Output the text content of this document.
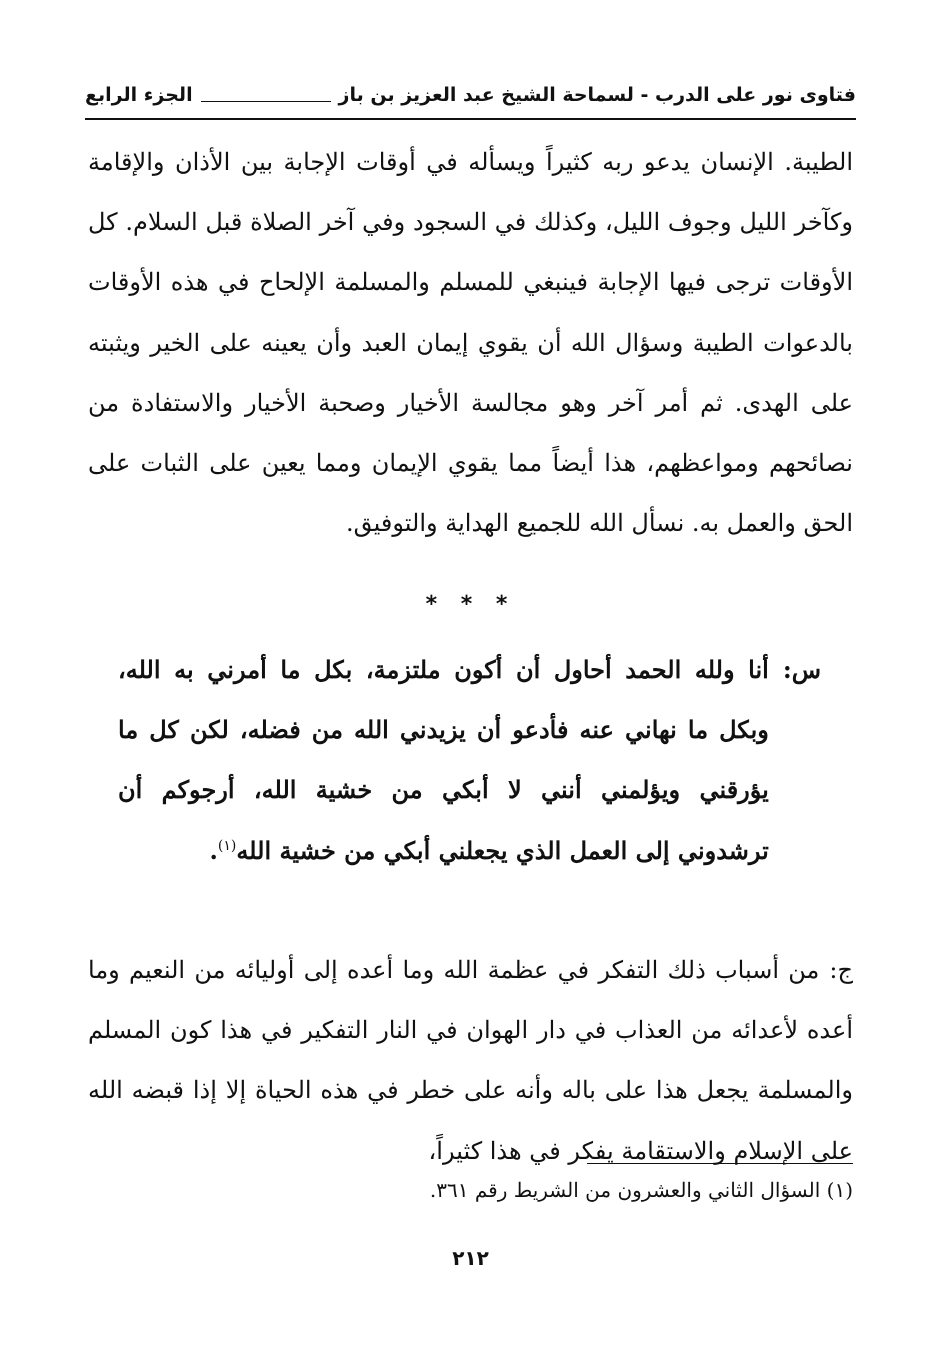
فتاوى نور على الدرب - لسماحة الشيخ عبد العزيز بن باز
الجزء الرابع

الطيبة. الإنسان يدعو ربه كثيراً ويسأله في أوقات الإجابة بين الأذان والإقامة وكآخر الليل وجوف الليل، وكذلك في السجود وفي آخر الصلاة قبل السلام. كل الأوقات ترجى فيها الإجابة فينبغي للمسلم والمسلمة الإلحاح في هذه الأوقات بالدعوات الطيبة وسؤال الله أن يقوي إيمان العبد وأن يعينه على الخير ويثبته على الهدى. ثم أمر آخر وهو مجالسة الأخيار وصحبة الأخيار والاستفادة من نصائحهم ومواعظهم، هذا أيضاً مما يقوي الإيمان ومما يعين على الثبات على الحق والعمل به. نسأل الله للجميع الهداية والتوفيق.

* * *
س:
أنا ولله الحمد أحاول أن أكون ملتزمة، بكل ما أمرني به الله، وبكل ما نهاني عنه فأدعو أن يزيدني الله من فضله، لكن كل ما يؤرقني ويؤلمني أنني لا أبكي من خشية الله، أرجوكم أن ترشدوني إلى العمل الذي يجعلني أبكي من خشية الله$^{(١)}$.
ج:من أسباب ذلك التفكر في عظمة الله وما أعده إلى أوليائه من النعيم وما أعده لأعدائه من العذاب في دار الهوان في النار التفكير في هذا كون المسلم والمسلمة يجعل هذا على باله وأنه على خطر في هذه الحياة إلا إذا قبضه الله على الإسلام والاستقامة يفكر في هذا كثيراً،
(١) السؤال الثاني والعشرون من الشريط رقم ٣٦١.
٢١٢
